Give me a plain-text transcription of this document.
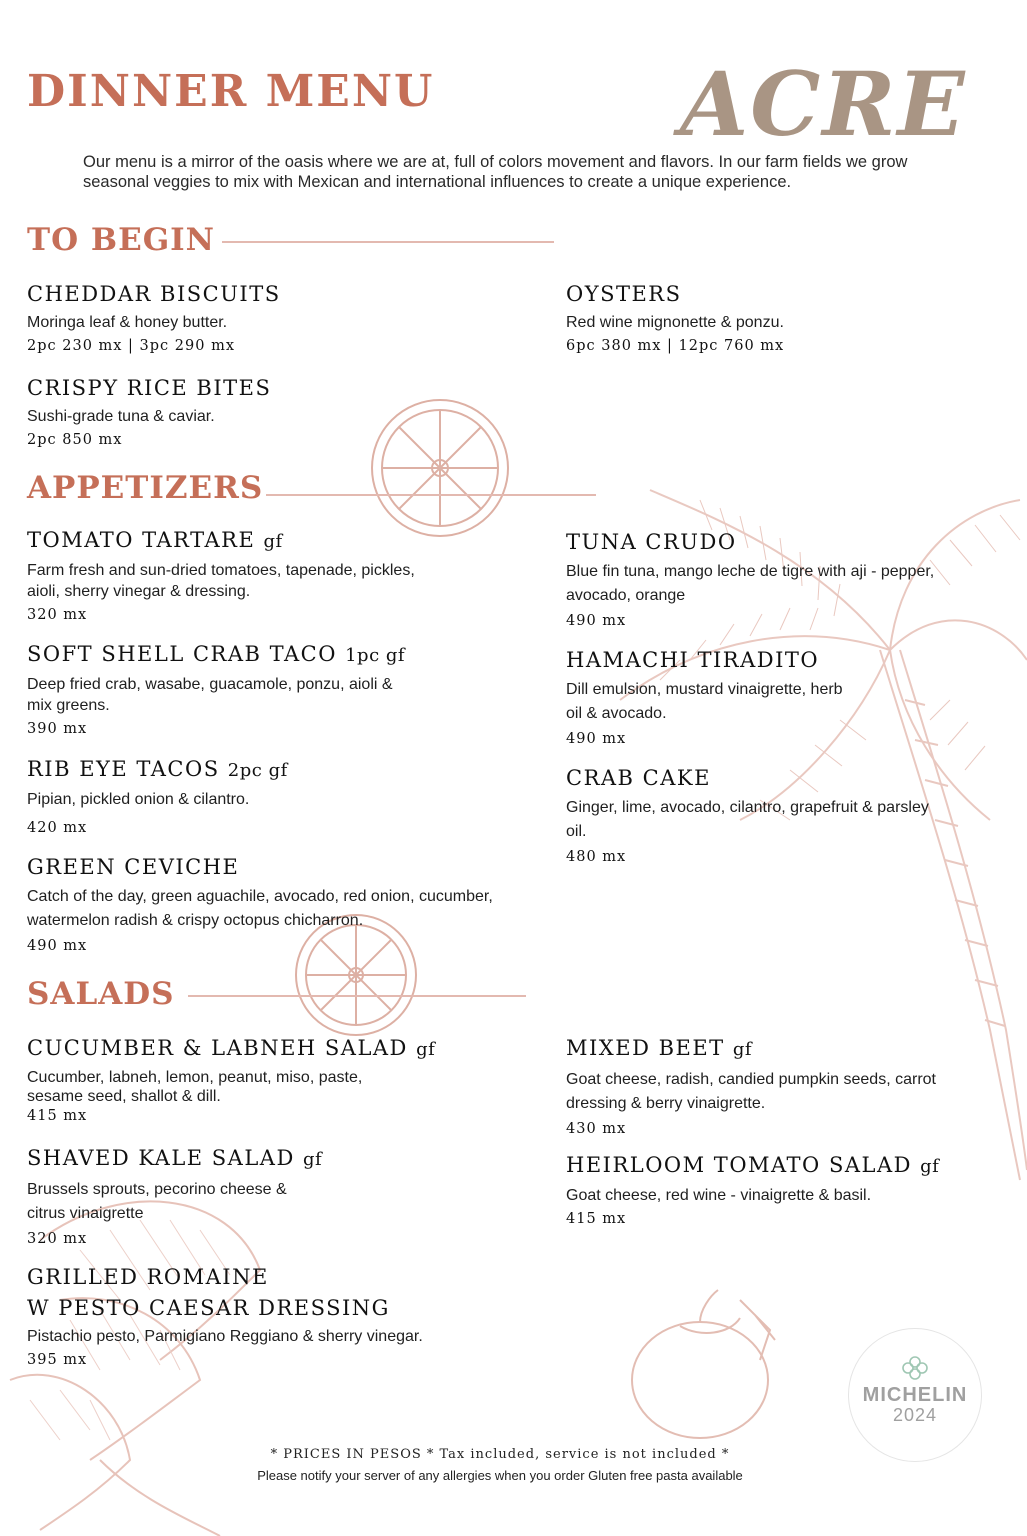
DINNER MENU	ACRE

Our menu is a mirror of the oasis where we are at, full of colors movement and flavors. In our farm fields we grow seasonal veggies to mix with Mexican and international influences to create a unique experience.

TO BEGIN
CHEDDAR BISCUITS

Moringa leaf & honey butter.

2pc 230 mx | 3pc 290 mx
CRISPY RICE BITES

Sushi-grade tuna & caviar.

2pc 850 mx
OYSTERS

Red wine mignonette & ponzu.

6pc 380 mx | 12pc 760 mx
APPETIZERS
TOMATO TARTARE gf

Farm fresh and sun-dried tomatoes, tapenade, pickles, aioli, sherry vinegar & dressing.

320 mx
SOFT SHELL CRAB TACO 1pc gf

Deep fried crab, wasabe, guacamole, ponzu, aioli & mix greens.

390 mx
RIB EYE TACOS 2pc gf

Pipian, pickled onion & cilantro.

420 mx
GREEN CEVICHE

Catch of the day, green aguachile, avocado, red onion, cucumber, watermelon radish & crispy octopus chicharron.

490 mx
TUNA CRUDO

Blue fin tuna, mango leche de tigre with aji - pepper, avocado, orange

490 mx
HAMACHI TIRADITO

Dill emulsion, mustard vinaigrette, herb oil & avocado.

490 mx
CRAB CAKE

Ginger, lime, avocado, cilantro, grapefruit & parsley oil.

480 mx
SALADS
CUCUMBER & LABNEH SALAD gf

Cucumber, labneh, lemon, peanut, miso, paste, sesame seed, shallot & dill.

415 mx
SHAVED KALE SALAD gf

Brussels sprouts, pecorino cheese & citrus vinaigrette

320 mx
GRILLED ROMAINE
W PESTO CAESAR DRESSING

Pistachio pesto, Parmigiano Reggiano & sherry vinegar.

395 mx
MIXED BEET gf

Goat cheese, radish, candied pumpkin seeds, carrot dressing & berry vinaigrette.

430 mx
HEIRLOOM TOMATO SALAD gf

Goat cheese, red wine - vinaigrette & basil.

415 mx
MICHELIN
2024
* PRICES IN PESOS * Tax included, service is not included *
Please notify your server of any allergies when you order Gluten free pasta available
